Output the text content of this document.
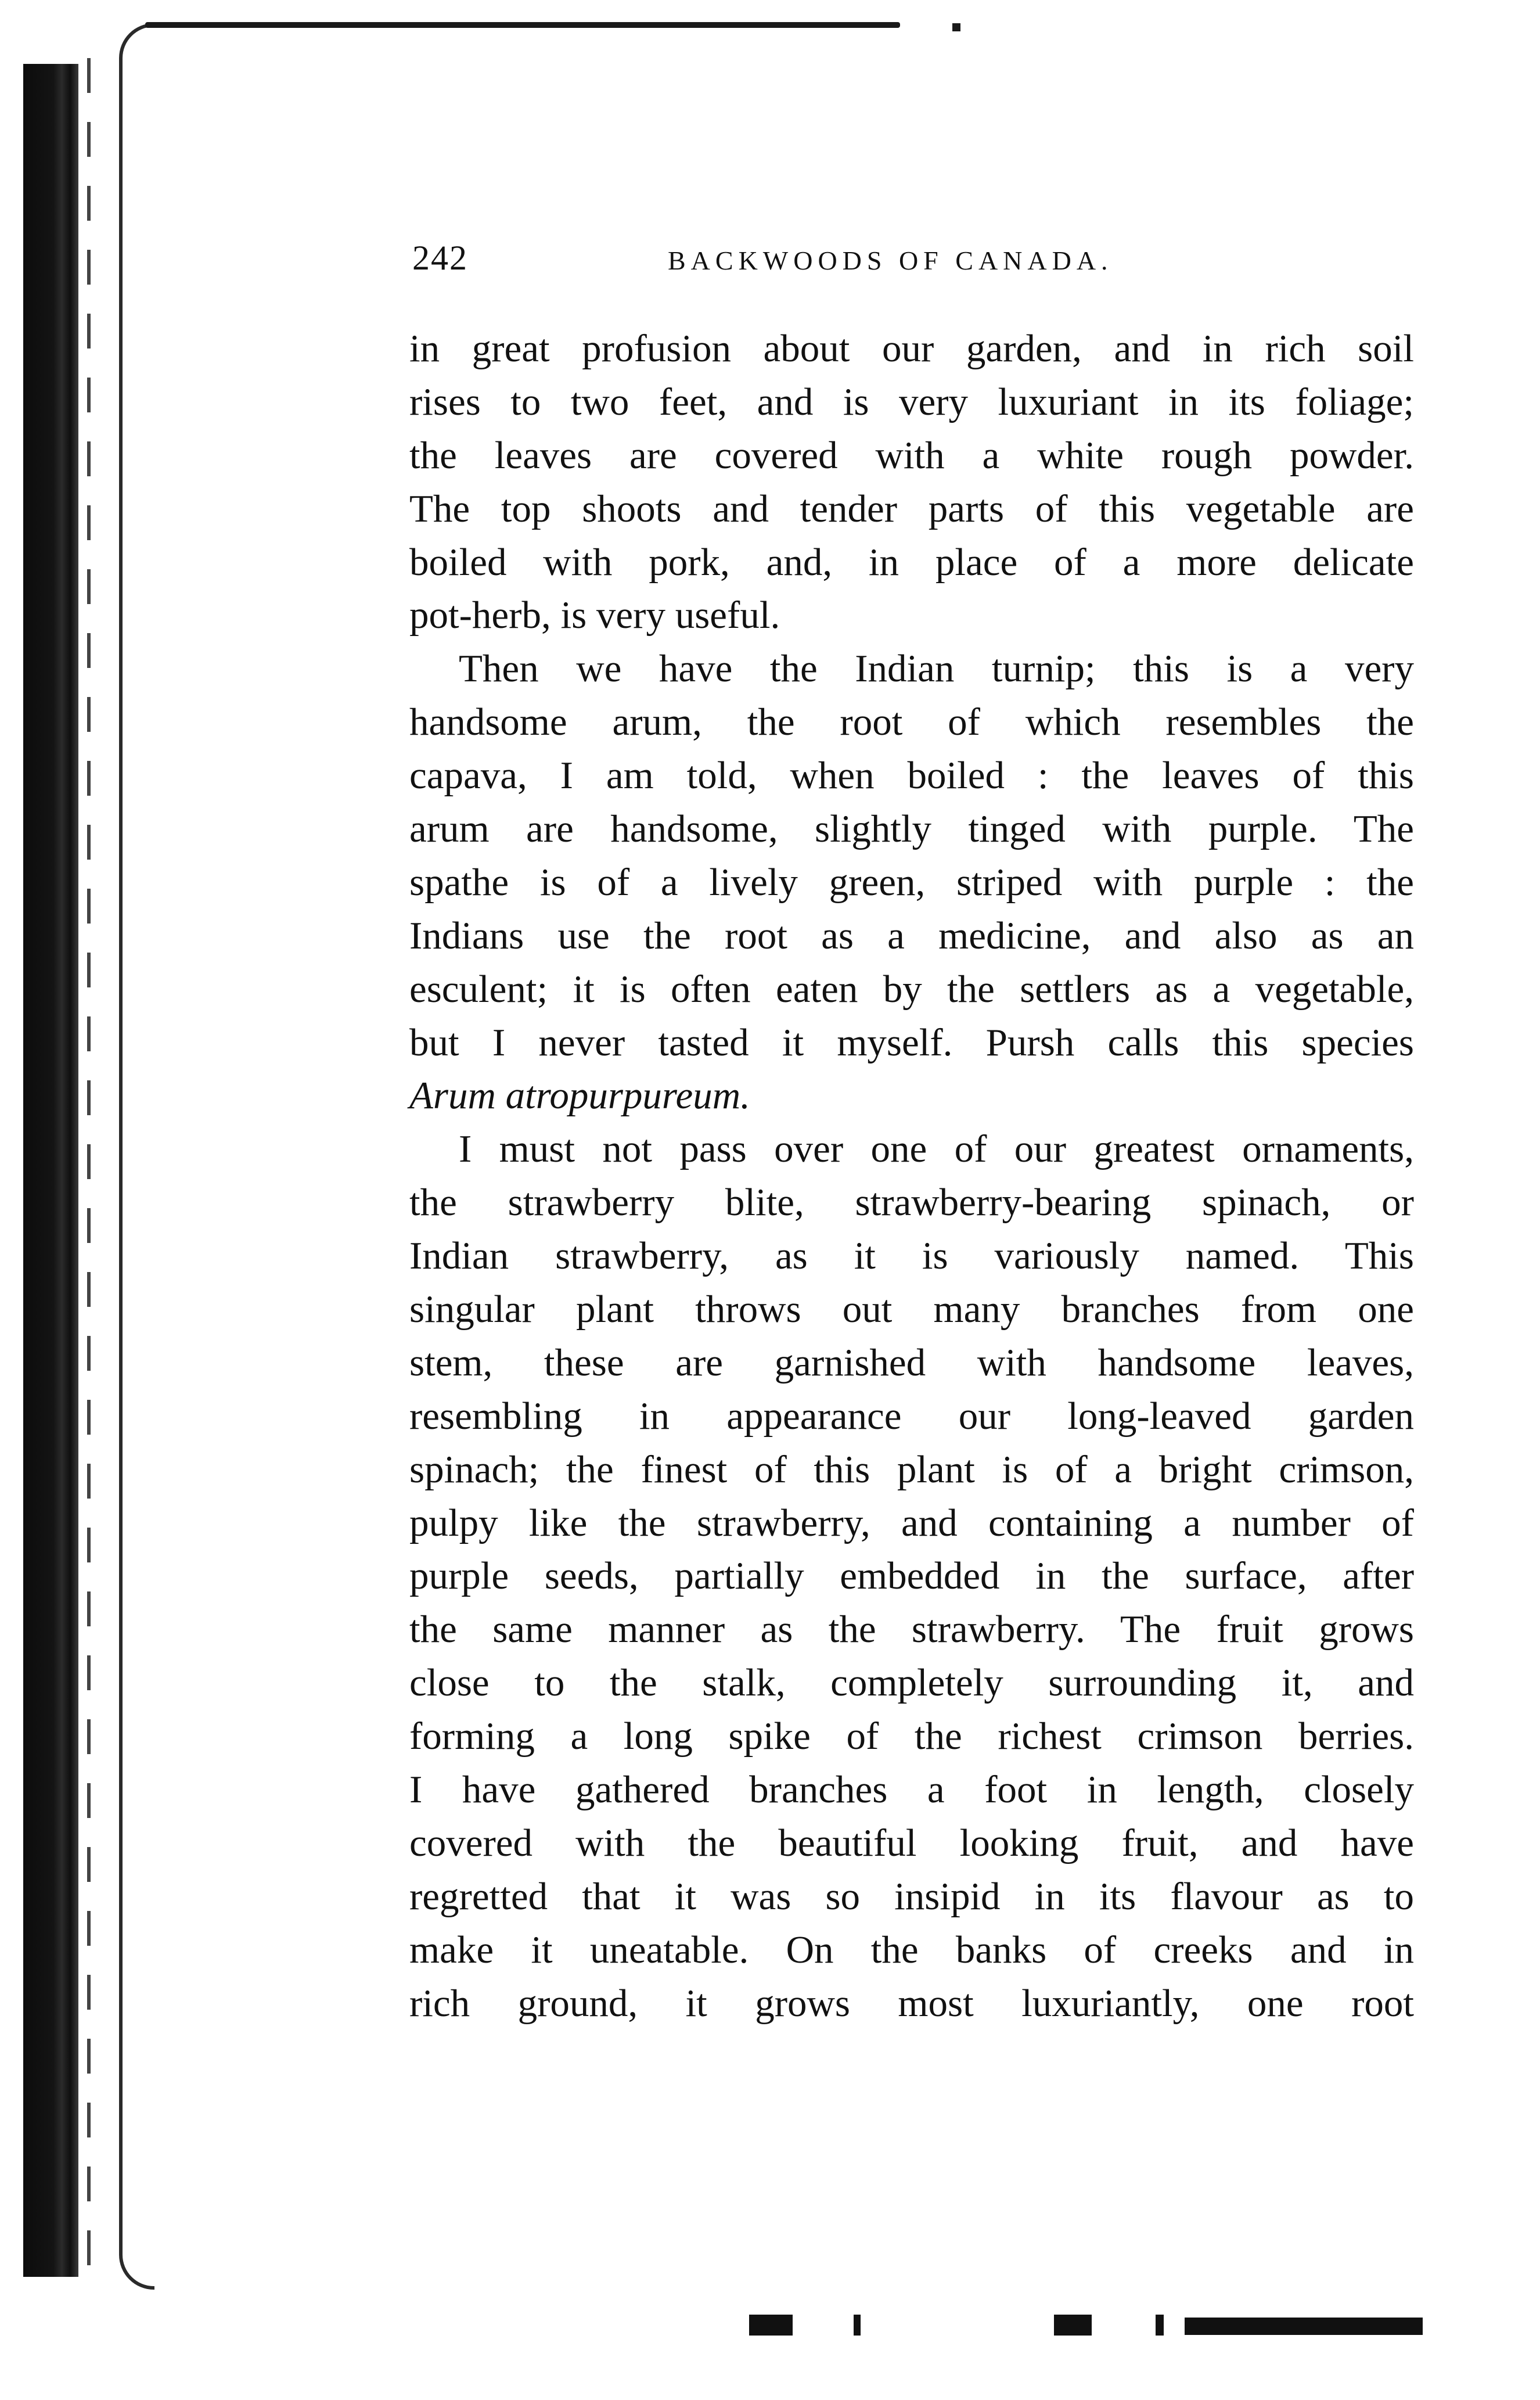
242	BACKWOODS OF CANADA.
in great profusion about our garden, and in rich soil
rises to two feet, and is very luxuriant in its foliage;
the leaves are covered with a white rough powder.
The top shoots and tender parts of this vegetable are
boiled with pork, and, in place of a more delicate
pot-herb, is very useful.
Then we have the Indian turnip; this is a very
handsome arum, the root of which resembles the
capava, I am told, when boiled : the leaves of this
arum are handsome, slightly tinged with purple. The
spathe is of a lively green, striped with purple : the
Indians use the root as a medicine, and also as an
esculent; it is often eaten by the settlers as a vegetable,
but I never tasted it myself. Pursh calls this species
Arum atropurpureum.
I must not pass over one of our greatest ornaments,
the strawberry blite, strawberry-bearing spinach, or
Indian strawberry, as it is variously named. This
singular plant throws out many branches from one
stem, these are garnished with handsome leaves,
resembling in appearance our long-leaved garden
spinach; the finest of this plant is of a bright crimson,
pulpy like the strawberry, and containing a number of
purple seeds, partially embedded in the surface, after
the same manner as the strawberry. The fruit grows
close to the stalk, completely surrounding it, and
forming a long spike of the richest crimson berries.
I have gathered branches a foot in length, closely
covered with the beautiful looking fruit, and have
regretted that it was so insipid in its flavour as to
make it uneatable. On the banks of creeks and in
rich ground, it grows most luxuriantly, one root
